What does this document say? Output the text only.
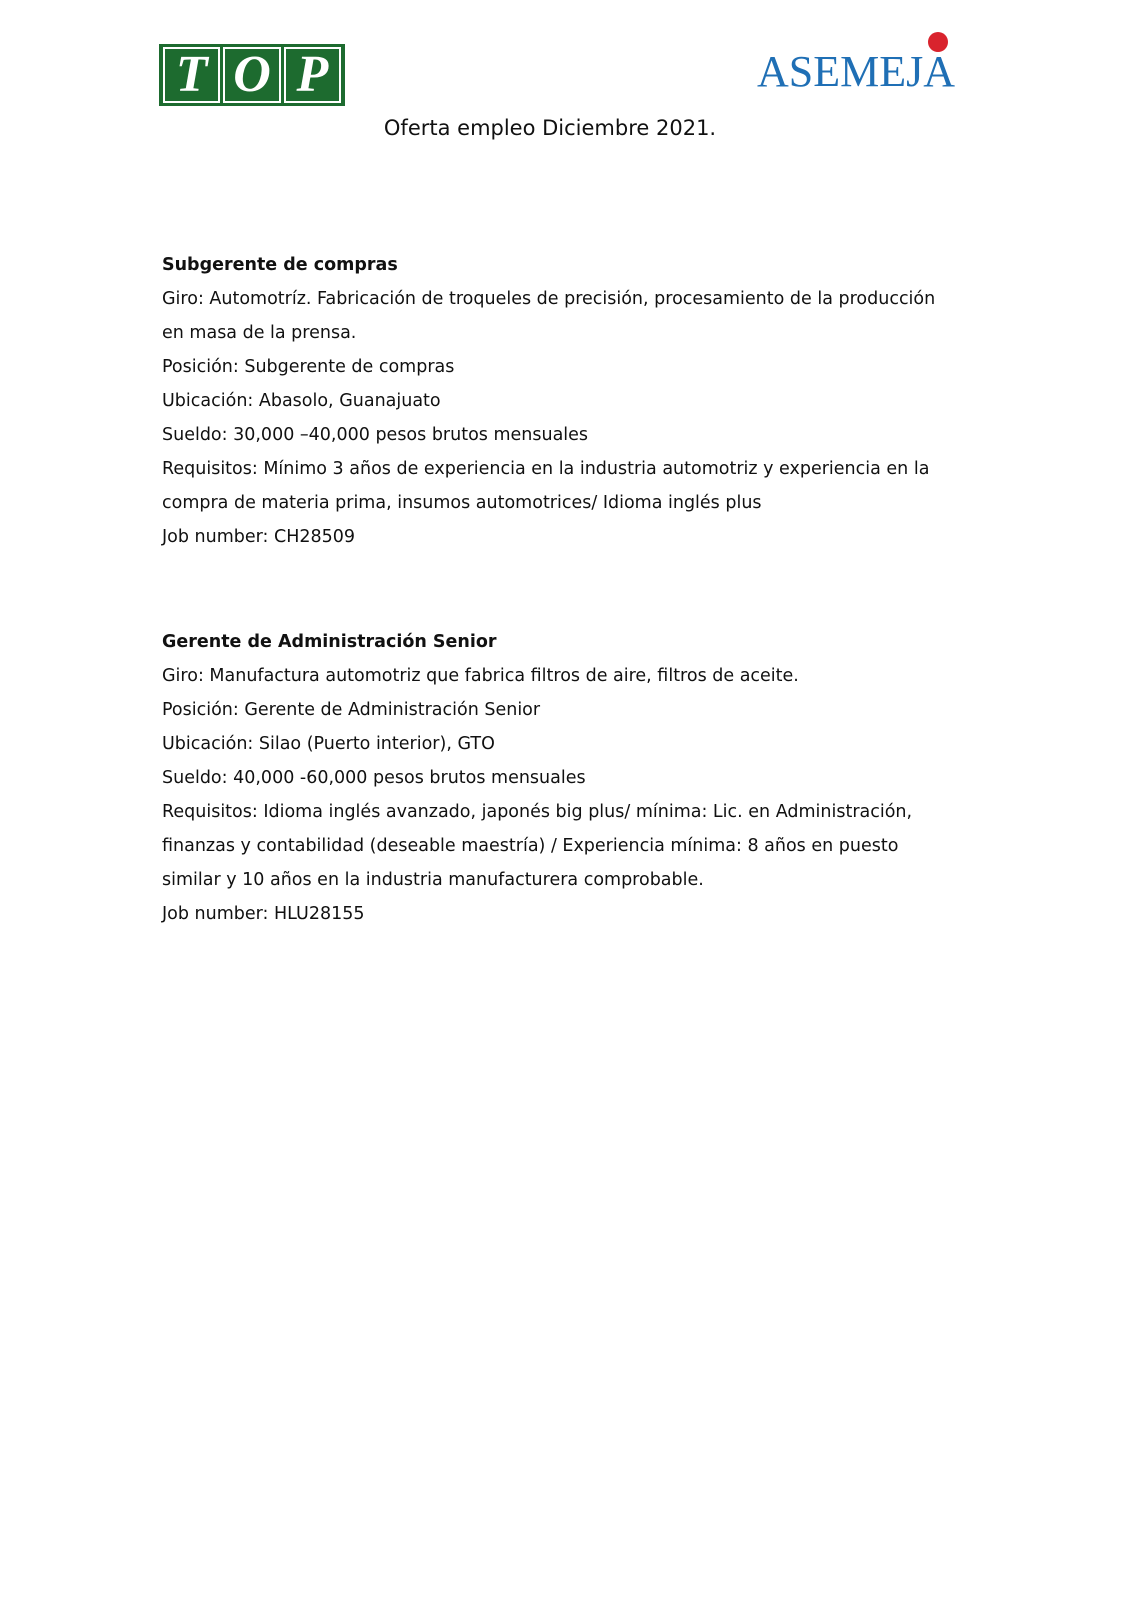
T O P	ASEMEJA
Oferta empleo Diciembre 2021.
Subgerente de compras
Giro: Automotríz. Fabricación de troqueles de precisión, procesamiento de la producción en masa de la prensa.
Posición: Subgerente de compras
Ubicación: Abasolo, Guanajuato
Sueldo: 30,000 –40,000 pesos brutos mensuales
Requisitos: Mínimo 3 años de experiencia en la industria automotriz y experiencia en la compra de materia prima, insumos automotrices/ Idioma inglés plus
Job number: CH28509
Gerente de Administración Senior
Giro: Manufactura automotriz que fabrica filtros de aire, filtros de aceite.
Posición: Gerente de Administración Senior
Ubicación: Silao (Puerto interior), GTO
Sueldo: 40,000 -60,000 pesos brutos mensuales
Requisitos: Idioma inglés avanzado, japonés big plus/ mínima: Lic. en Administración, finanzas y contabilidad (deseable maestría) / Experiencia mínima: 8 años en puesto similar y 10 años en la industria manufacturera comprobable.
Job number: HLU28155
